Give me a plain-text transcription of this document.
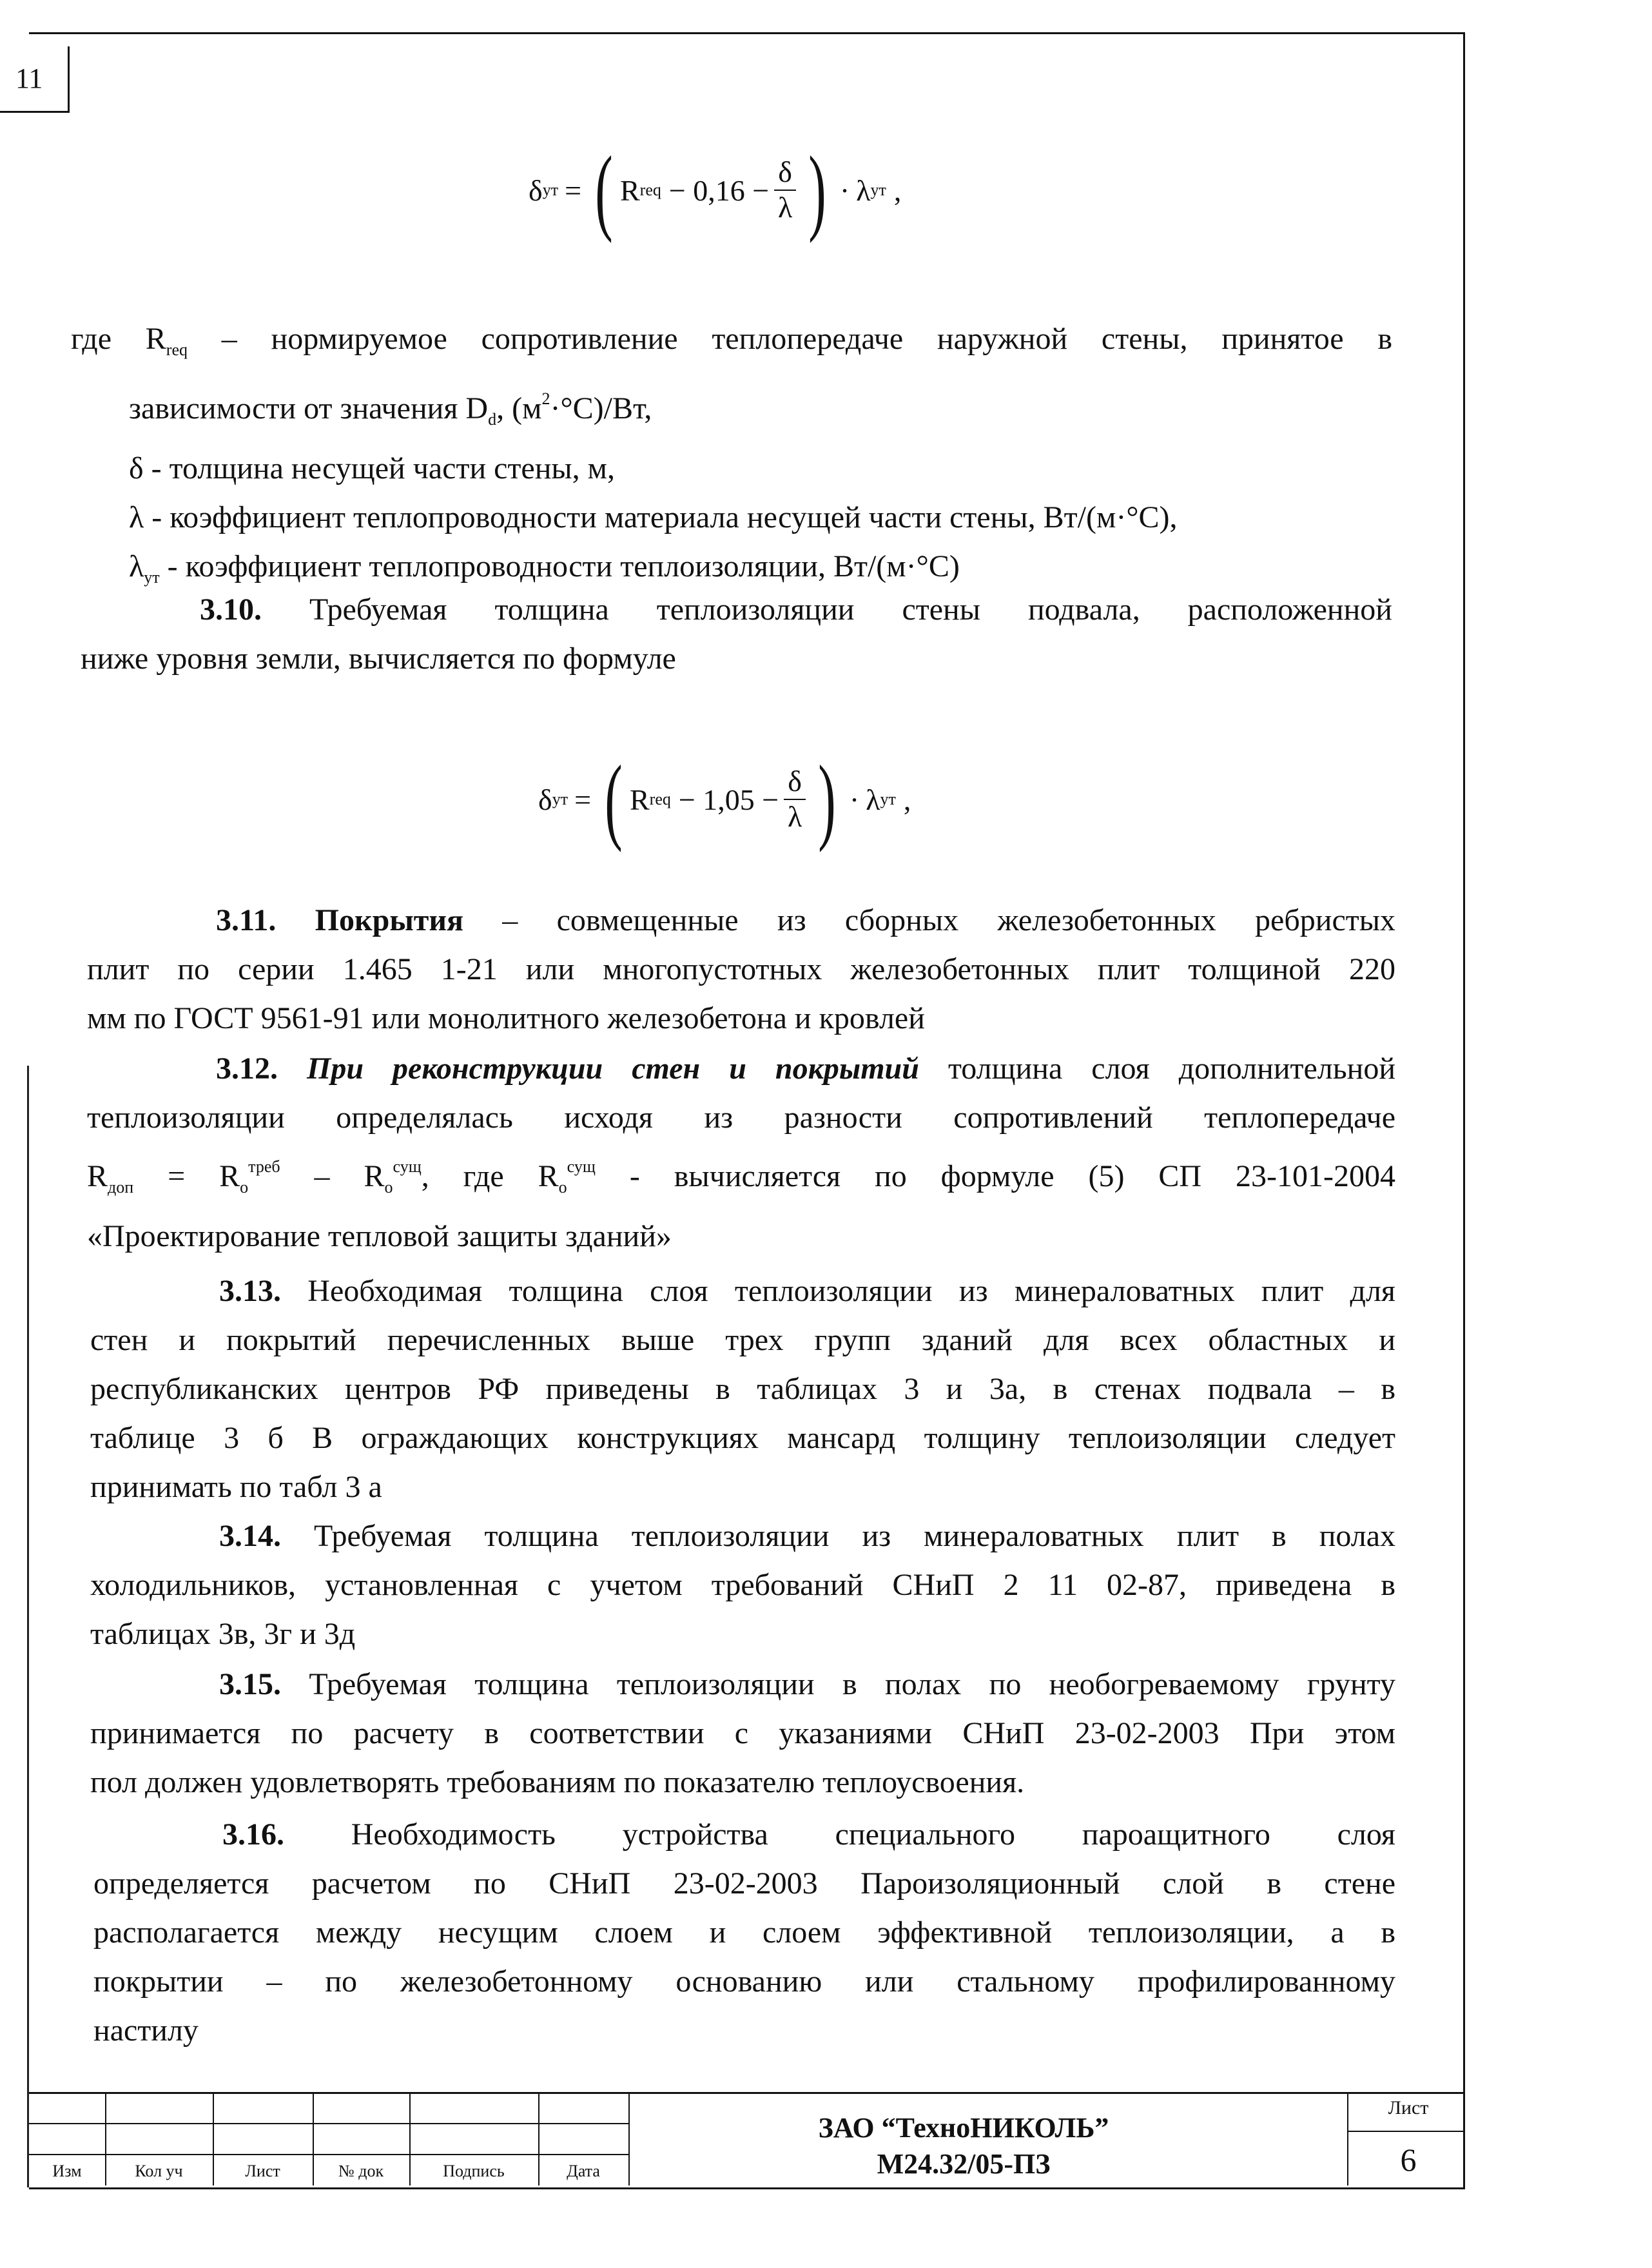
11
δ ут = ( R req − $0,16 - \frac{\delta}{\lambda}$ ) · λ ут ,
где $R_{req}$ – нормируемое сопротивление теплопередаче наружной стены, принятое в
зависимости от значения $D_d$, $(м^2\cdot^\circ С)/Вт$,
δ - толщина несущей части стены, м,
λ - коэффициент теплопроводности материала несущей части стены, Вт/(м·°С),
$\lambda_{ут}$ - коэффициент теплопроводности теплоизоляции, Вт/(м·°С)
3.10. Требуемая толщина теплоизоляции стены подвала, расположенной
ниже уровня земли, вычисляется по формуле
δ ут = ( R req − $1,05 - \frac{\delta}{\lambda}$ ) · λ ут ,
3.11. Покрытия – совмещенные из сборных железобетонных ребристых
плит по серии 1.465 1-21 или многопустотных железобетонных плит толщиной 220
мм по ГОСТ 9561-91 или монолитного железобетона и кровлей
3.12. При реконструкции стен и покрытий толщина слоя дополнительной
теплоизоляции определялась исходя из разности сопротивлений теплопередаче
$R_{доп} = R_о^{треб} - R_о^{сущ}$, где $R_о^{сущ}$ - вычисляется по формуле (5) СП 23-101-2004
«Проектирование тепловой защиты зданий»
3.13. Необходимая толщина слоя теплоизоляции из минераловатных плит для
стен и покрытий перечисленных выше трех групп зданий для всех областных и
республиканских центров РФ приведены в таблицах 3 и 3а, в стенах подвала – в
таблице 3 б В ограждающих конструкциях мансард толщину теплоизоляции следует
принимать по табл 3 а
3.14. Требуемая толщина теплоизоляции из минераловатных плит в полах
холодильников, установленная с учетом требований СНиП 2 11 02-87, приведена в
таблицах 3в, 3г и 3д
3.15. Требуемая толщина теплоизоляции в полах по необогреваемому грунту
принимается по расчету в соответствии с указаниями СНиП 23-02-2003 При этом
пол должен удовлетворять требованиям по показателю теплоусвоения.
3.16. Необходимость устройства специального пароащитного слоя
определяется расчетом по СНиП 23-02-2003 Пароизоляционный слой в стене
располагается между несущим слоем и слоем эффективной теплоизоляции, а в
покрытии – по железобетонному основанию или стальному профилированному
настилу
Изм	Кол уч	Лист	№ док	Подпись	Дата
ЗАО “ТехноНИКОЛЬ”
М24.32/05-ПЗ
Лист
6
